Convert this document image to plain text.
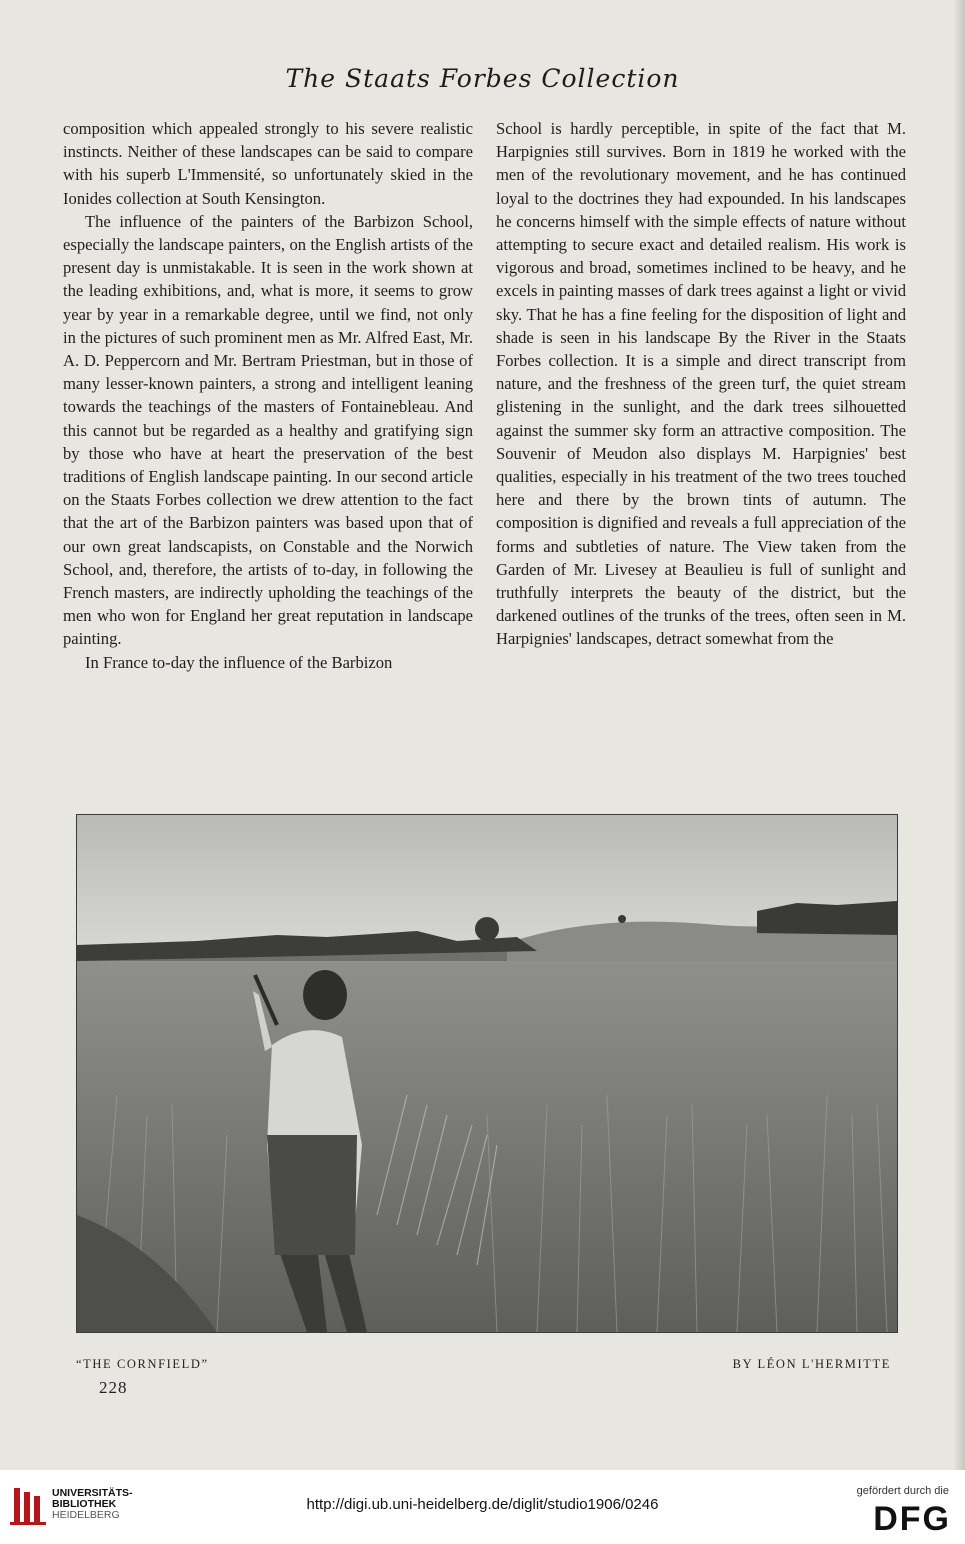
The Staats Forbes Collection

composition which appealed strongly to his severe realistic instincts. Neither of these landscapes can be said to compare with his superb L'Immensité, so unfortunately skied in the Ionides collection at South Kensington.

The influence of the painters of the Barbizon School, especially the landscape painters, on the English artists of the present day is unmistakable. It is seen in the work shown at the leading exhibitions, and, what is more, it seems to grow year by year in a remarkable degree, until we find, not only in the pictures of such prominent men as Mr. Alfred East, Mr. A. D. Peppercorn and Mr. Bertram Priestman, but in those of many lesser-known painters, a strong and intelligent leaning towards the teachings of the masters of Fontainebleau. And this cannot but be regarded as a healthy and gratifying sign by those who have at heart the preservation of the best traditions of English landscape painting. In our second article on the Staats Forbes collection we drew attention to the fact that the art of the Barbizon painters was based upon that of our own great landscapists, on Constable and the Norwich School, and, therefore, the artists of to-day, in following the French masters, are indirectly upholding the teachings of the men who won for England her great reputation in landscape painting.

In France to-day the influence of the Barbizon

School is hardly perceptible, in spite of the fact that M. Harpignies still survives. Born in 1819 he worked with the men of the revolutionary movement, and he has continued loyal to the doctrines they had expounded. In his landscapes he concerns himself with the simple effects of nature without attempting to secure exact and detailed realism. His work is vigorous and broad, sometimes inclined to be heavy, and he excels in painting masses of dark trees against a light or vivid sky. That he has a fine feeling for the disposition of light and shade is seen in his landscape By the River in the Staats Forbes collection. It is a simple and direct transcript from nature, and the freshness of the green turf, the quiet stream glistening in the sunlight, and the dark trees silhouetted against the summer sky form an attractive composition. The Souvenir of Meudon also displays M. Harpignies' best qualities, especially in his treatment of the two trees touched here and there by the brown tints of autumn. The composition is dignified and reveals a full appreciation of the forms and subtleties of nature. The View taken from the Garden of Mr. Livesey at Beaulieu is full of sunlight and truthfully interprets the beauty of the district, but the darkened outlines of the trunks of the trees, often seen in M. Harpignies' landscapes, detract somewhat from the

“THE CORNFIELD”	BY LÉON L'HERMITTE

228
UNIVERSITÄTS-
BIBLIOTHEK
HEIDELBERG
http://digi.ub.uni-heidelberg.de/diglit/studio1906/0246
gefördert durch die
DFG
